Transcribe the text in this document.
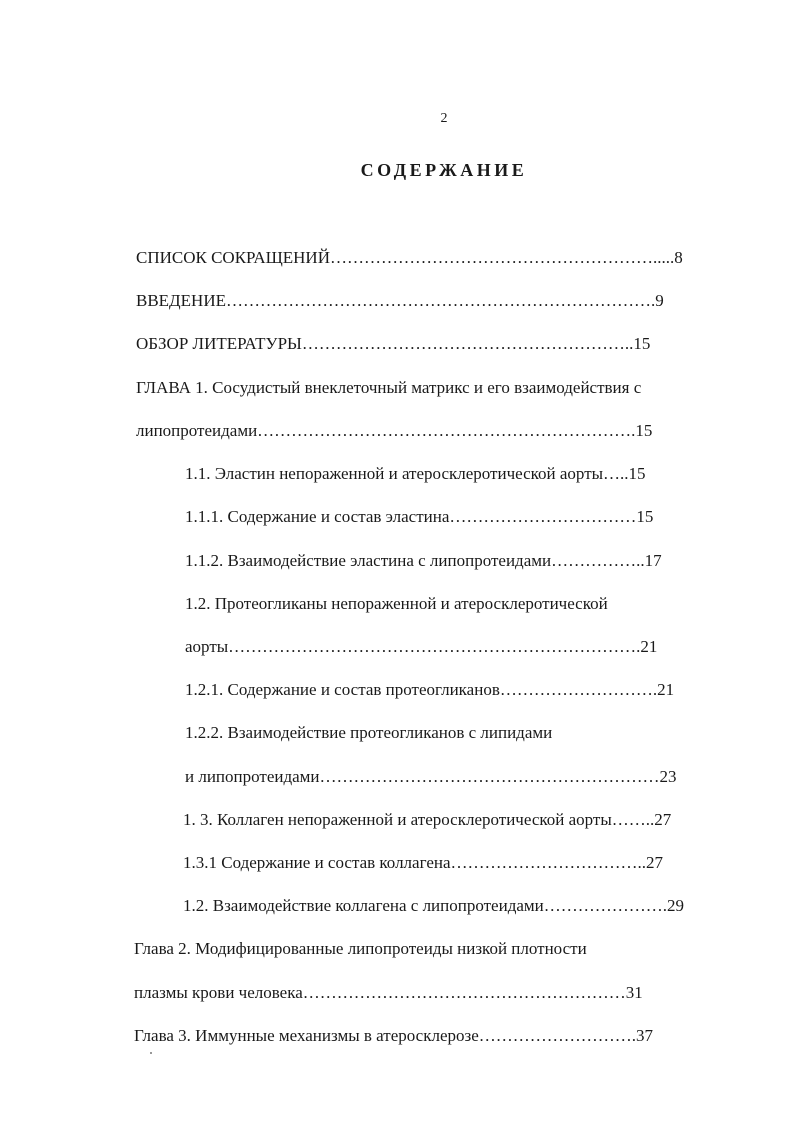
2
СОДЕРЖАНИЕ
СПИСОК СОКРАЩЕНИЙ………………………………………………….....8
ВВЕДЕНИЕ………………………………………………………………….9
ОБЗОР ЛИТЕРАТУРЫ…………………………………………………..15
ГЛАВА 1. Сосудистый внеклеточный матрикс и его взаимодействия с
липопротеидами………………………………………………………….15
1.1. Эластин непораженной и атеросклеротической аорты…..15
1.1.1. Содержание и состав эластина……………………………15
1.1.2. Взаимодействие эластина с липопротеидами……………..17
1.2. Протеогликаны непораженной и атеросклеротической
аорты……………………………………………………………….21
1.2.1. Содержание и состав протеогликанов……………………….21
1.2.2. Взаимодействие протеогликанов с липидами
и липопротеидами……………………………………………………23
1. 3. Коллаген непораженной и атеросклеротической аорты……..27
1.3.1 Содержание и состав коллагена……………………………..27
1.2. Взаимодействие коллагена с липопротеидами………………….29
Глава 2. Модифицированные липопротеиды низкой плотности
плазмы крови человека…………………………………………………31
Глава 3. Иммунные механизмы в атеросклерозе……………………….37
